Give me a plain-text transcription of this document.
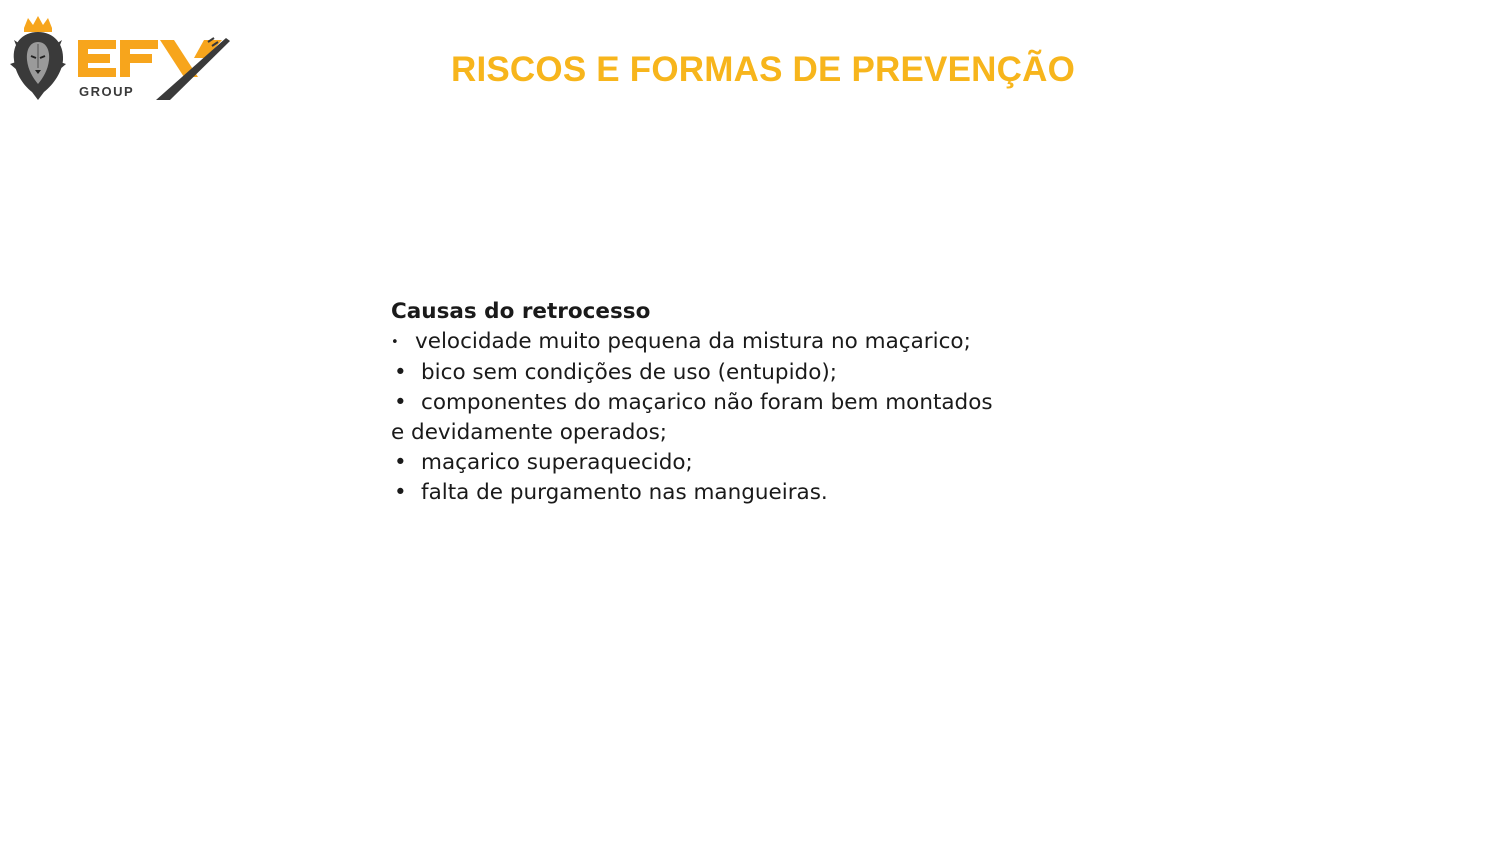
GROUP
RISCOS E FORMAS DE PREVENÇÃO
Causas do retrocesso
• velocidade muito pequena da mistura no maçarico;
• bico sem condições de uso (entupido);
• componentes do maçarico não foram bem montados
e devidamente operados;
• maçarico superaquecido;
• falta de purgamento nas mangueiras.
